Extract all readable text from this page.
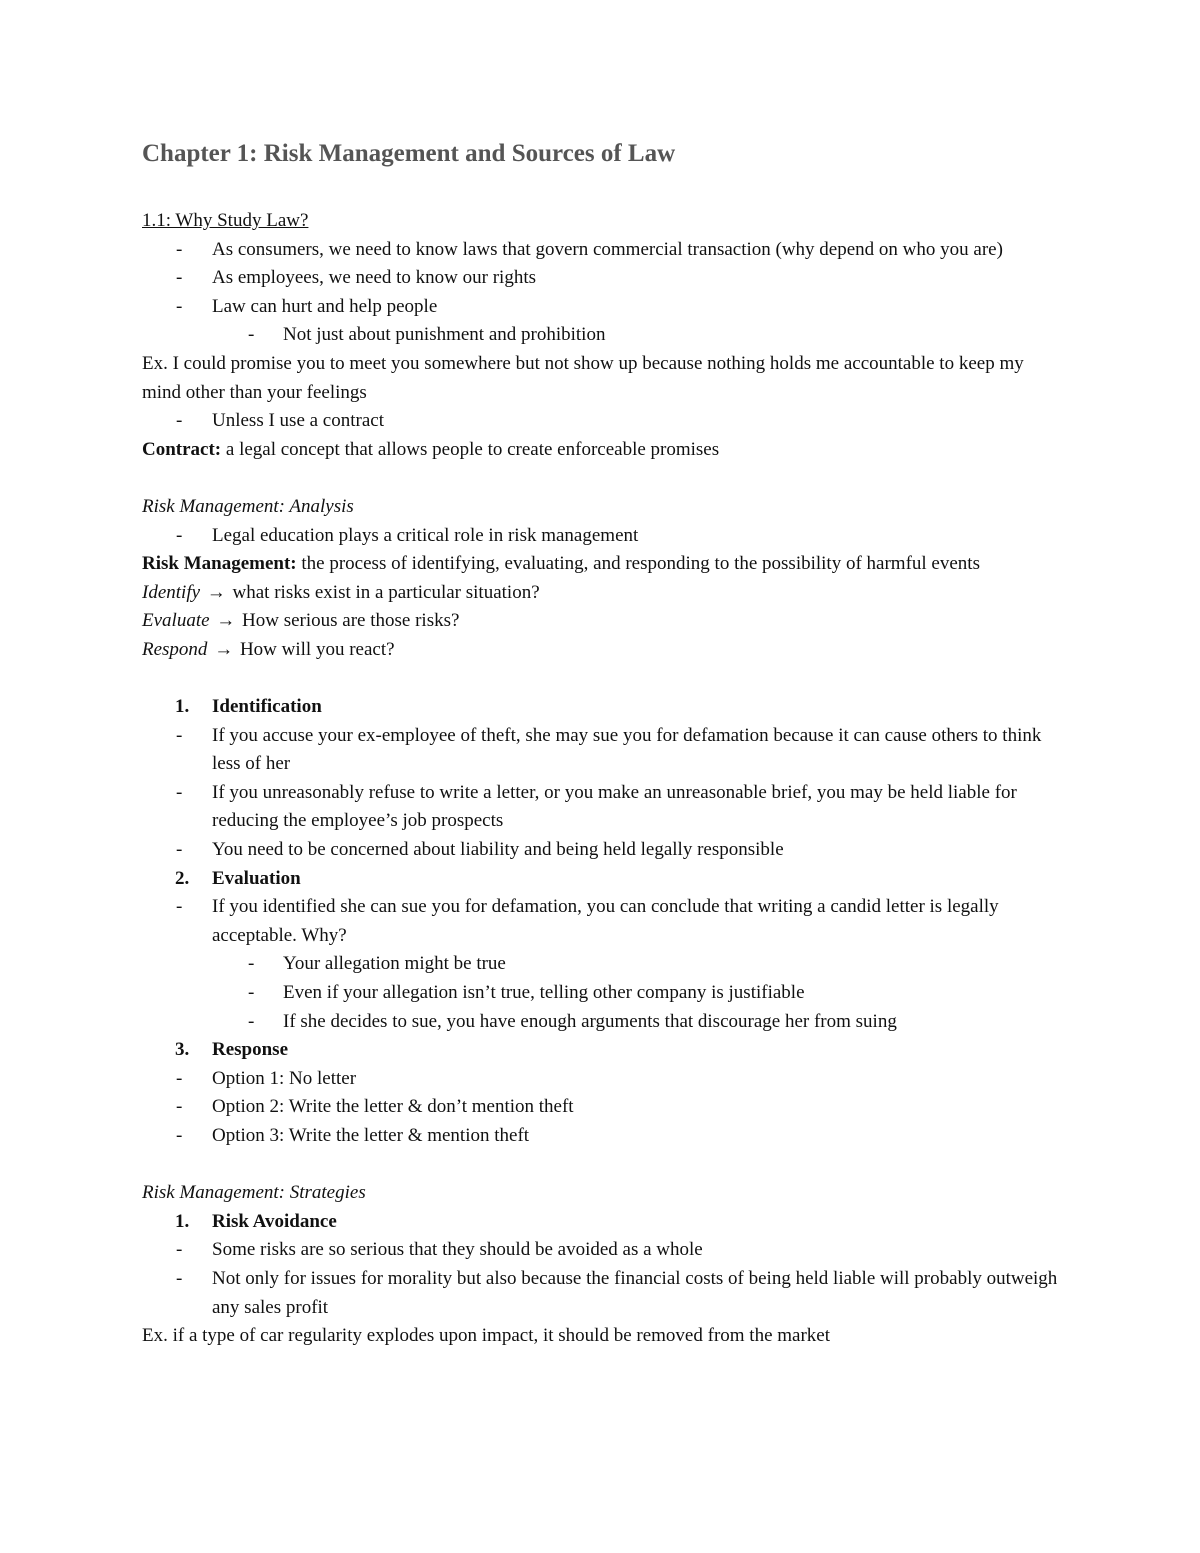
Chapter 1: Risk Management and Sources of Law
1.1: Why Study Law?
- As consumers, we need to know laws that govern commercial transaction (why depend on who you are)
- As employees, we need to know our rights
- Law can hurt and help people
- Not just about punishment and prohibition
Ex. I could promise you to meet you somewhere but not show up because nothing holds me accountable to keep my mind other than your feelings
- Unless I use a contract
Contract: a legal concept that allows people to create enforceable promises
Risk Management: Analysis
- Legal education plays a critical role in risk management
Risk Management: the process of identifying, evaluating, and responding to the possibility of harmful events
Identify → what risks exist in a particular situation?
Evaluate → How serious are those risks?
Respond → How will you react?
1. Identification
- If you accuse your ex-employee of theft, she may sue you for defamation because it can cause others to think less of her
- If you unreasonably refuse to write a letter, or you make an unreasonable brief, you may be held liable for reducing the employee’s job prospects
- You need to be concerned about liability and being held legally responsible
2. Evaluation
- If you identified she can sue you for defamation, you can conclude that writing a candid letter is legally acceptable. Why?
- Your allegation might be true
- Even if your allegation isn’t true, telling other company is justifiable
- If she decides to sue, you have enough arguments that discourage her from suing
3. Response
- Option 1: No letter
- Option 2: Write the letter & don’t mention theft
- Option 3: Write the letter & mention theft
Risk Management: Strategies
1. Risk Avoidance
- Some risks are so serious that they should be avoided as a whole
- Not only for issues for morality but also because the financial costs of being held liable will probably outweigh any sales profit
Ex. if a type of car regularity explodes upon impact, it should be removed from the market
